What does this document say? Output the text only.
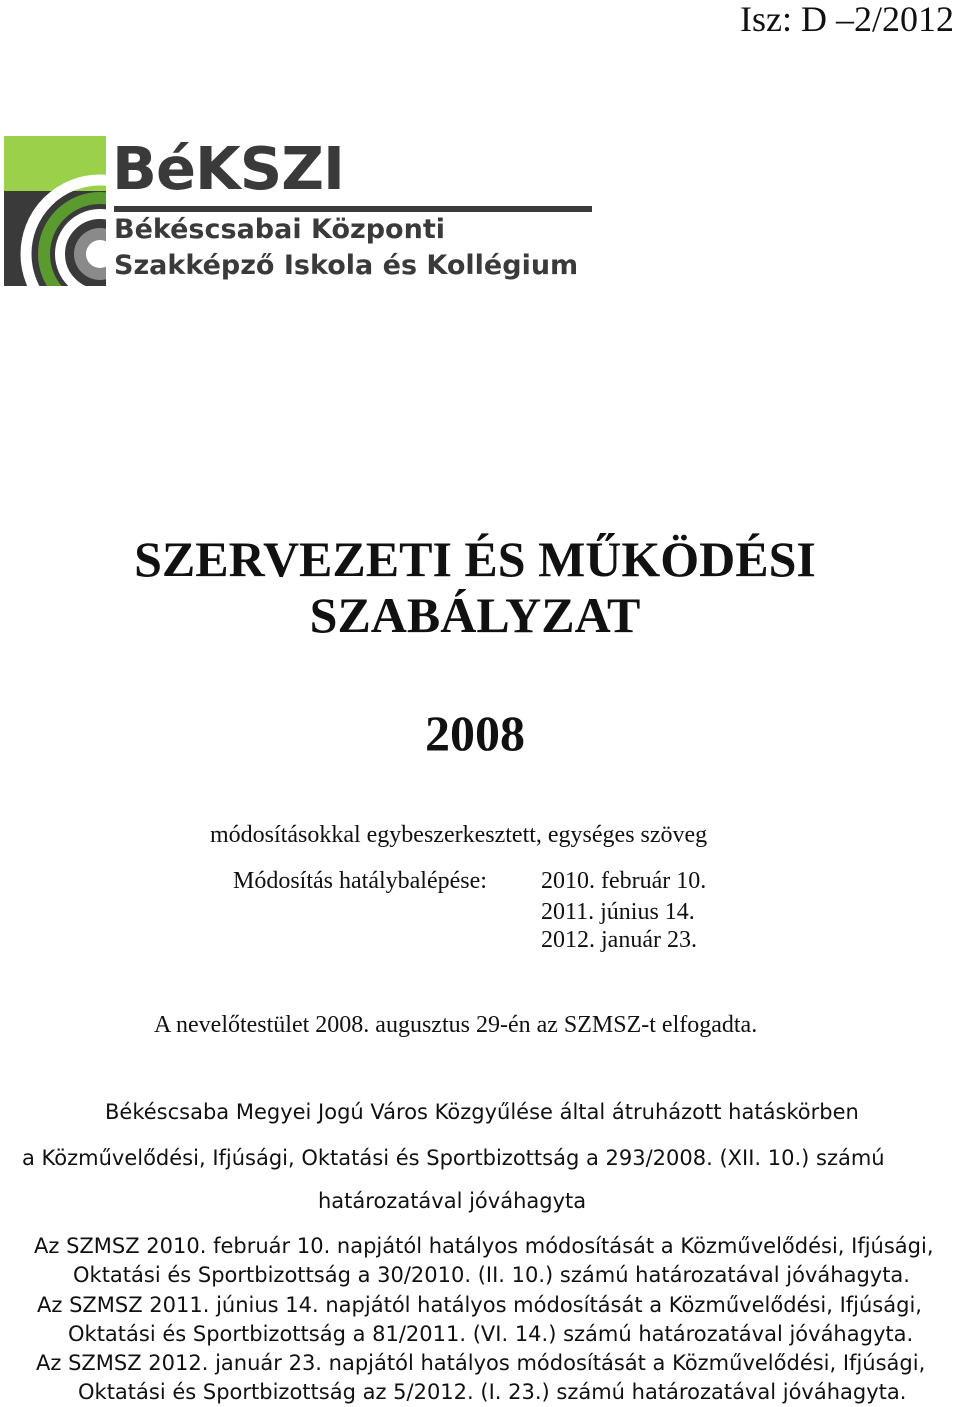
Isz: D –2/2012
BéKSZI
Békéscsabai Központi
Szakképző Iskola és Kollégium
SZERVEZETI ÉS MŰKÖDÉSI
SZABÁLYZAT
2008
módosításokkal egybeszerkesztett, egységes szöveg
Módosítás hatálybalépése: 2010. február 10.
2011. június 14.
2012. január 23.
A nevelőtestület 2008. augusztus 29-én az SZMSZ-t elfogadta.
Békéscsaba Megyei Jogú Város Közgyűlése által átruházott hatáskörben
a Közművelődési, Ifjúsági, Oktatási és Sportbizottság a 293/2008. (XII. 10.) számú
határozatával jóváhagyta
Az SZMSZ 2010. február 10. napjától hatályos módosítását a Közművelődési, Ifjúsági,
Oktatási és Sportbizottság a 30/2010. (II. 10.) számú határozatával jóváhagyta.
Az SZMSZ 2011. június 14. napjától hatályos módosítását a Közművelődési, Ifjúsági,
Oktatási és Sportbizottság a 81/2011. (VI. 14.) számú határozatával jóváhagyta.
Az SZMSZ 2012. január 23. napjától hatályos módosítását a Közművelődési, Ifjúsági,
Oktatási és Sportbizottság az 5/2012. (I. 23.) számú határozatával jóváhagyta.
